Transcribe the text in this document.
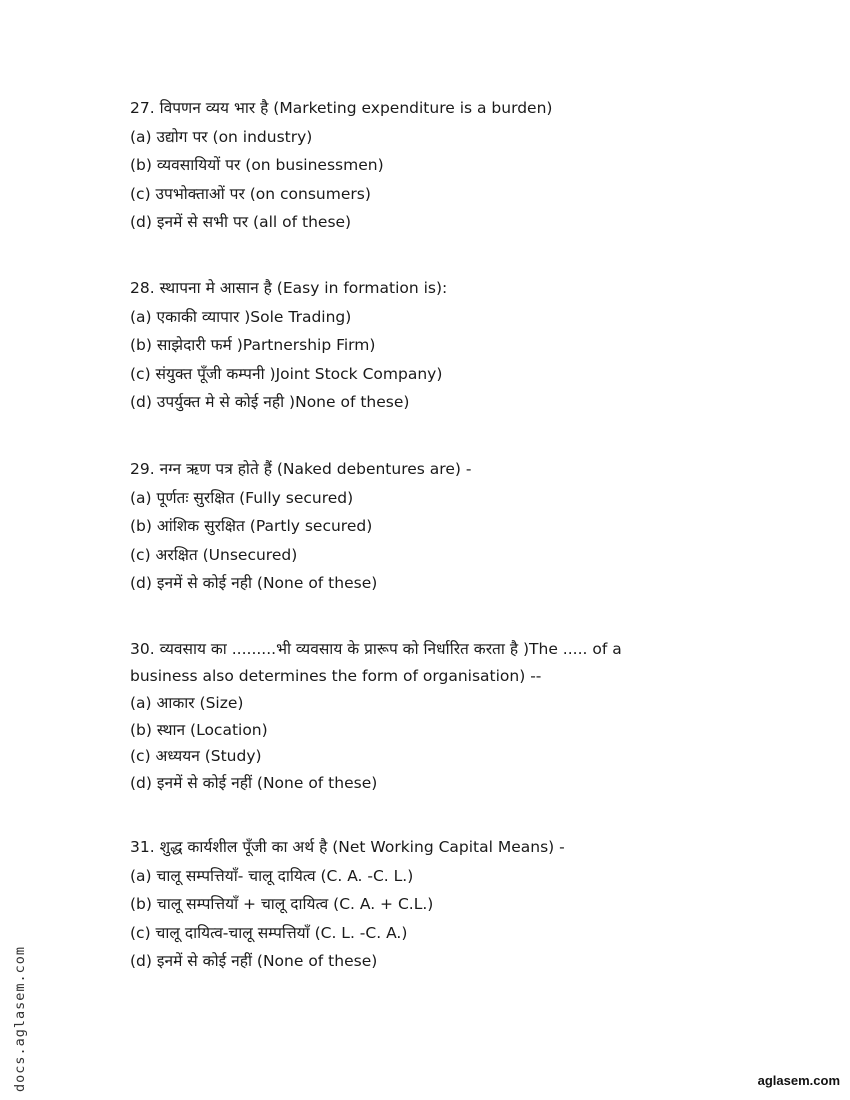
27. विपणन व्यय भार है (Marketing expenditure is a burden)
(a) उद्योग पर (on industry)
(b) व्यवसायियों पर (on businessmen)
(c) उपभोक्ताओं पर (on consumers)
(d) इनमें से सभी पर (all of these)
28. स्थापना मे आसान है (Easy in formation is):
(a) एकाकी व्यापार )Sole Trading)
(b) साझेदारी फर्म )Partnership Firm)
(c) संयुक्त पूँजी कम्पनी )Joint Stock Company)
(d) उपर्युक्त मे से कोई नही )None of these)
29. नग्न ऋण पत्र होते हैं (Naked debentures are) -
(a) पूर्णतः सुरक्षित (Fully secured)
(b) आंशिक सुरक्षित (Partly secured)
(c) अरक्षित (Unsecured)
(d) इनमें से कोई नही (None of these)
30. व्यवसाय का .........भी व्यवसाय के प्रारूप को निर्धारित करता है )The ..... of a business also determines the form of organisation) --
(a) आकार (Size)
(b) स्थान (Location)
(c) अध्ययन (Study)
(d) इनमें से कोई नहीं (None of these)
31. शुद्ध कार्यशील पूँजी का अर्थ है (Net Working Capital Means) -
(a) चालू सम्पत्तियाँ- चालू दायित्व (C. A. -C. L.)
(b) चालू सम्पत्तियाँ + चालू दायित्व (C. A. + C.L.)
(c) चालू दायित्व-चालू सम्पत्तियाँ (C. L. -C. A.)
(d) इनमें से कोई नहीं (None of these)
docs.aglasem.com	aglasem.com
